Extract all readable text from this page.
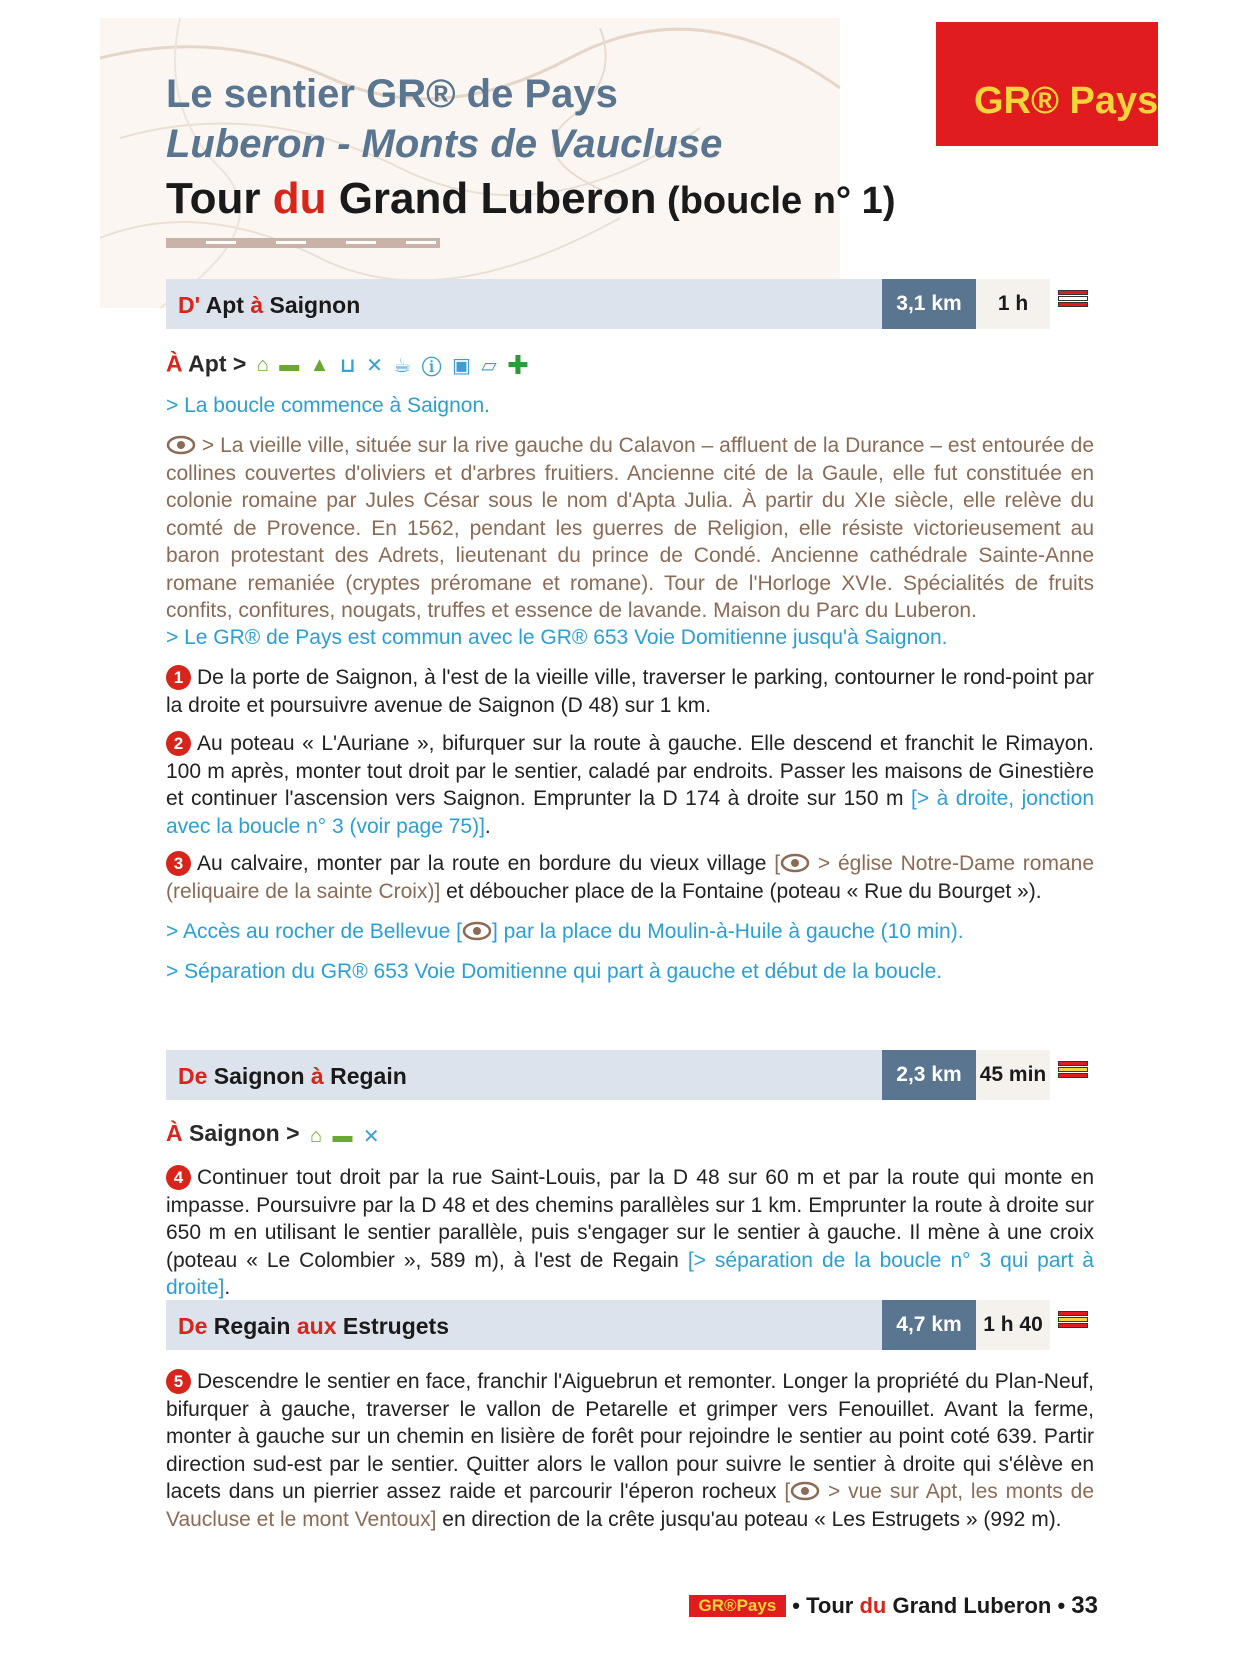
Le sentier GR® de Pays
Luberon - Monts de Vaucluse
Tour du Grand Luberon (boucle n° 1)
GR® Pays
D' Apt à Saignon	3,1 km	1 h
À Apt > ⌂ ▬ ▲ ⊔ ✕ ☕ ⓘ ▣ ▱ ✚
> La boucle commence à Saignon.
> La vieille ville, située sur la rive gauche du Calavon – affluent de la Durance – est entourée de collines couvertes d'oliviers et d'arbres fruitiers. Ancienne cité de la Gaule, elle fut constituée en colonie romaine par Jules César sous le nom d'Apta Julia. À partir du XIe siècle, elle relève du comté de Provence. En 1562, pendant les guerres de Religion, elle résiste victorieusement au baron protestant des Adrets, lieutenant du prince de Condé. Ancienne cathédrale Sainte-Anne romane remaniée (cryptes préromane et romane). Tour de l'Horloge XVIe. Spécialités de fruits confits, confitures, nougats, truffes et essence de lavande. Maison du Parc du Luberon.
> Le GR® de Pays est commun avec le GR® 653 Voie Domitienne jusqu'à Saignon.
1 De la porte de Saignon, à l'est de la vieille ville, traverser le parking, contourner le rond-point par la droite et poursuivre avenue de Saignon (D 48) sur 1 km.
2 Au poteau « L'Auriane », bifurquer sur la route à gauche. Elle descend et franchit le Rimayon. 100 m après, monter tout droit par le sentier, caladé par endroits. Passer les maisons de Ginestière et continuer l'ascension vers Saignon. Emprunter la D 174 à droite sur 150 m [> à droite, jonction avec la boucle n° 3 (voir page 75)].
3 Au calvaire, monter par la route en bordure du vieux village [ > église Notre-Dame romane (reliquaire de la sainte Croix)] et déboucher place de la Fontaine (poteau « Rue du Bourget »).
> Accès au rocher de Bellevue [ ] par la place du Moulin-à-Huile à gauche (10 min).
> Séparation du GR® 653 Voie Domitienne qui part à gauche et début de la boucle.
De Saignon à Regain	2,3 km 45 min
À Saignon > ⌂ ▬ ✕
4 Continuer tout droit par la rue Saint-Louis, par la D 48 sur 60 m et par la route qui monte en impasse. Poursuivre par la D 48 et des chemins parallèles sur 1 km. Emprunter la route à droite sur 650 m en utilisant le sentier parallèle, puis s'engager sur le sentier à gauche. Il mène à une croix (poteau « Le Colombier », 589 m), à l'est de Regain [> séparation de la boucle n° 3 qui part à droite].
De Regain aux Estrugets	4,7 km	1 h 40
5 Descendre le sentier en face, franchir l'Aiguebrun et remonter. Longer la propriété du Plan-Neuf, bifurquer à gauche, traverser le vallon de Petarelle et grimper vers Fenouillet. Avant la ferme, monter à gauche sur un chemin en lisière de forêt pour rejoindre le sentier au point coté 639. Partir direction sud-est par le sentier. Quitter alors le vallon pour suivre le sentier à droite qui s'élève en lacets dans un pierrier assez raide et parcourir l'éperon rocheux [ > vue sur Apt, les monts de Vaucluse et le mont Ventoux] en direction de la crête jusqu'au poteau « Les Estrugets » (992 m).
GR®Pays • Tour du Grand Luberon • 33
